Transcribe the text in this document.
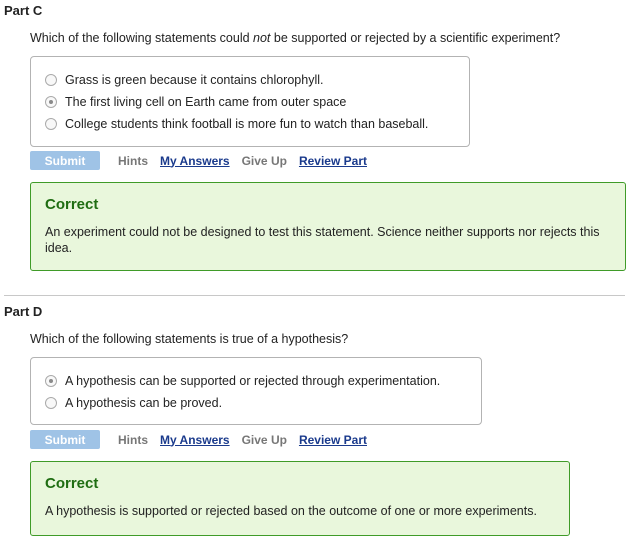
Part C
Which of the following statements could not be supported or rejected by a scientific experiment?
Grass is green because it contains chlorophyll.
The first living cell on Earth came from outer space
College students think football is more fun to watch than baseball.
Submit	Hints My Answers Give Up Review Part
Correct
An experiment could not be designed to test this statement. Science neither supports nor rejects this idea.
Part D
Which of the following statements is true of a hypothesis?
A hypothesis can be supported or rejected through experimentation.
A hypothesis can be proved.
Submit	Hints My Answers Give Up Review Part
Correct
A hypothesis is supported or rejected based on the outcome of one or more experiments.
